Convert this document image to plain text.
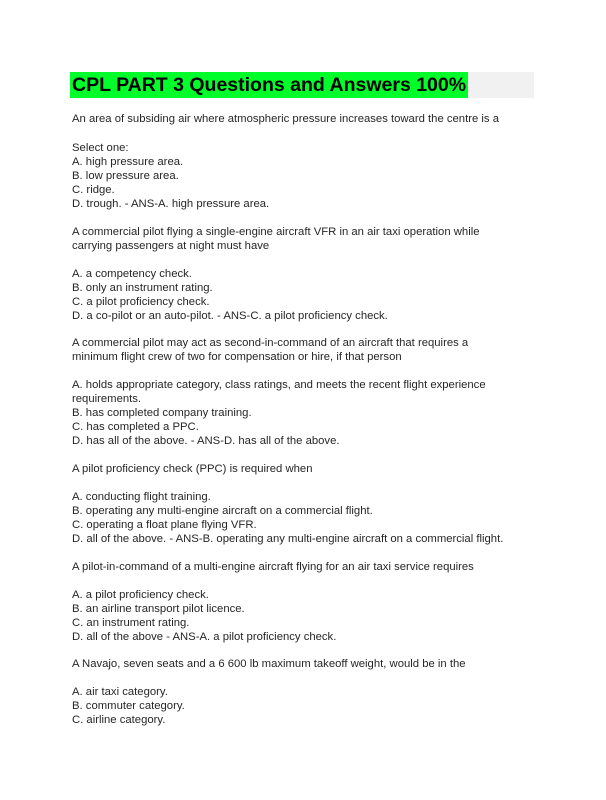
CPL PART 3 Questions and Answers 100%
An area of subsiding air where atmospheric pressure increases toward the centre is a
Select one:
A. high pressure area.
B. low pressure area.
C. ridge.
D. trough. - ANS-A. high pressure area.
A commercial pilot flying a single-engine aircraft VFR in an air taxi operation while
carrying passengers at night must have
A. a competency check.
B. only an instrument rating.
C. a pilot proficiency check.
D. a co-pilot or an auto-pilot. - ANS-C. a pilot proficiency check.
A commercial pilot may act as second-in-command of an aircraft that requires a
minimum flight crew of two for compensation or hire, if that person
A. holds appropriate category, class ratings, and meets the recent flight experience
requirements.
B. has completed company training.
C. has completed a PPC.
D. has all of the above. - ANS-D. has all of the above.
A pilot proficiency check (PPC) is required when
A. conducting flight training.
B. operating any multi-engine aircraft on a commercial flight.
C. operating a float plane flying VFR.
D. all of the above. - ANS-B. operating any multi-engine aircraft on a commercial flight.
A pilot-in-command of a multi-engine aircraft flying for an air taxi service requires
A. a pilot proficiency check.
B. an airline transport pilot licence.
C. an instrument rating.
D. all of the above - ANS-A. a pilot proficiency check.
A Navajo, seven seats and a 6 600 lb maximum takeoff weight, would be in the
A. air taxi category.
B. commuter category.
C. airline category.
